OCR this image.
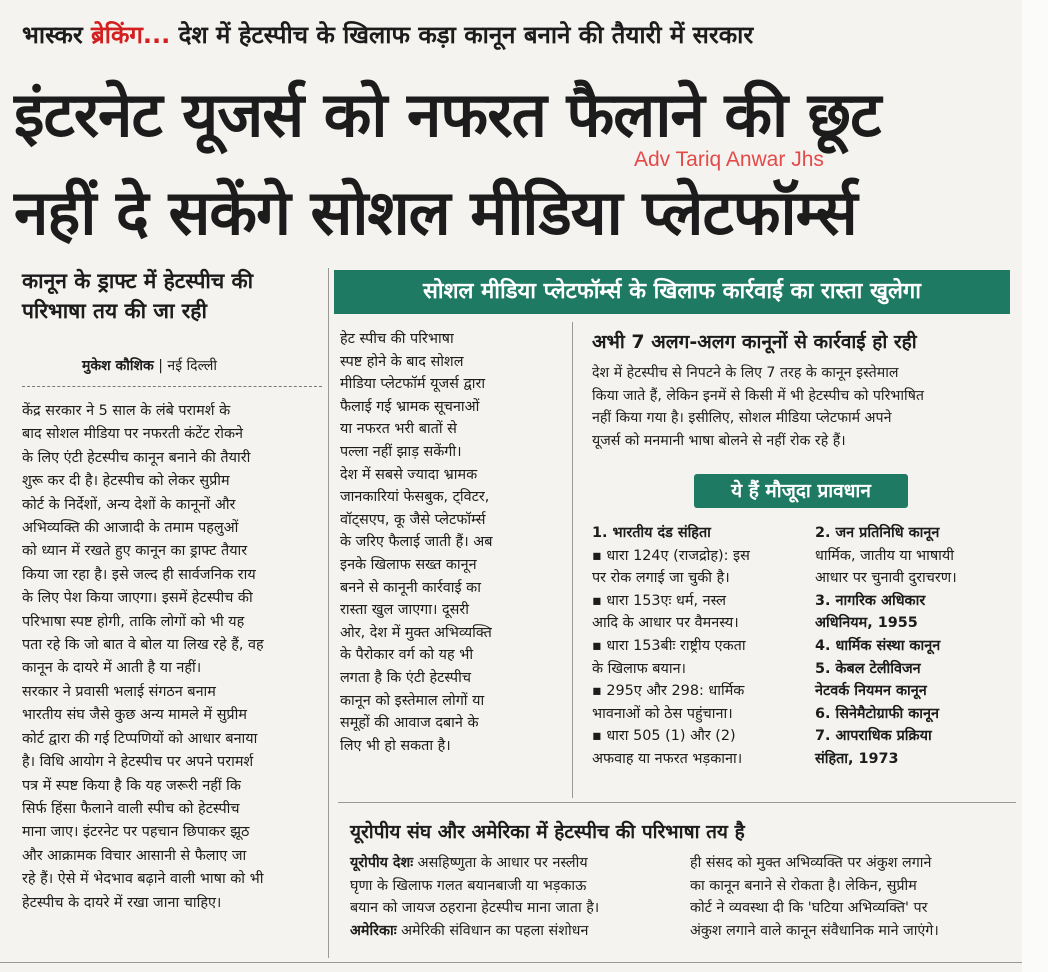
भास्कर ब्रेकिंग... देश में हेटस्पीच के खिलाफ कड़ा कानून बनाने की तैयारी में सरकार
इंटरनेट यूजर्स को नफरत फैलाने की छूट
नहीं दे सकेंगे सोशल मीडिया प्लेटफॉर्म्स
Adv Tariq Anwar Jhs
कानून के ड्राफ्ट में हेटस्पीच की परिभाषा तय की जा रही
मुकेश कौशिक | नई दिल्ली
केंद्र सरकार ने 5 साल के लंबे परामर्श के
बाद सोशल मीडिया पर नफरती कंटेंट रोकने
के लिए एंटी हेटस्पीच कानून बनाने की तैयारी
शुरू कर दी है। हेटस्पीच को लेकर सुप्रीम
कोर्ट के निर्देशों, अन्य देशों के कानूनों और
अभिव्यक्ति की आजादी के तमाम पहलुओं
को ध्यान में रखते हुए कानून का ड्राफ्ट तैयार
किया जा रहा है। इसे जल्द ही सार्वजनिक राय
के लिए पेश किया जाएगा। इसमें हेटस्पीच की
परिभाषा स्पष्ट होगी, ताकि लोगों को भी यह
पता रहे कि जो बात वे बोल या लिख रहे हैं, वह
कानून के दायरे में आती है या नहीं।
सरकार ने प्रवासी भलाई संगठन बनाम
भारतीय संघ जैसे कुछ अन्य मामले में सुप्रीम
कोर्ट द्वारा की गई टिप्पणियों को आधार बनाया
है। विधि आयोग ने हेटस्पीच पर अपने परामर्श
पत्र में स्पष्ट किया है कि यह जरूरी नहीं कि
सिर्फ हिंसा फैलाने वाली स्पीच को हेटस्पीच
माना जाए। इंटरनेट पर पहचान छिपाकर झूठ
और आक्रामक विचार आसानी से फैलाए जा
रहे हैं। ऐसे में भेदभाव बढ़ाने वाली भाषा को भी
हेटस्पीच के दायरे में रखा जाना चाहिए।
सोशल मीडिया प्लेटफॉर्म्स के खिलाफ कार्रवाई का रास्ता खुलेगा
हेट स्पीच की परिभाषा
स्पष्ट होने के बाद सोशल
मीडिया प्लेटफॉर्म यूजर्स द्वारा
फैलाई गई भ्रामक सूचनाओं
या नफरत भरी बातों से
पल्ला नहीं झाड़ सकेंगी।
देश में सबसे ज्यादा भ्रामक
जानकारियां फेसबुक, ट्विटर,
वॉट्सएप, कू जैसे प्लेटफॉर्म्स
के जरिए फैलाई जाती हैं। अब
इनके खिलाफ सख्त कानून
बनने से कानूनी कार्रवाई का
रास्ता खुल जाएगा। दूसरी
ओर, देश में मुक्त अभिव्यक्ति
के पैरोकार वर्ग को यह भी
लगता है कि एंटी हेटस्पीच
कानून को इस्तेमाल लोगों या
समूहों की आवाज दबाने के
लिए भी हो सकता है।
अभी 7 अलग-अलग कानूनों से कार्रवाई हो रही
देश में हेटस्पीच से निपटने के लिए 7 तरह के कानून इस्तेमाल
किया जाते हैं, लेकिन इनमें से किसी में भी हेटस्पीच को परिभाषित
नहीं किया गया है। इसीलिए, सोशल मीडिया प्लेटफार्म अपने
यूजर्स को मनमानी भाषा बोलने से नहीं रोक रहे हैं।
ये हैं मौजूदा प्रावधान
1. भारतीय दंड संहिता
▪ धारा 124ए (राजद्रोह): इस
पर रोक लगाई जा चुकी है।
▪ धारा 153एः धर्म, नस्ल
आदि के आधार पर वैमनस्य।
▪ धारा 153बीः राष्ट्रीय एकता
के खिलाफ बयान।
▪ 295ए और 298: धार्मिक
भावनाओं को ठेस पहुंचाना।
▪ धारा 505 (1) और (2)
अफवाह या नफरत भड़काना।
2. जन प्रतिनिधि कानून
धार्मिक, जातीय या भाषायी
आधार पर चुनावी दुराचरण।
3. नागरिक अधिकार
अधिनियम, 1955
4. धार्मिक संस्था कानून
5. केबल टेलीविजन
नेटवर्क नियमन कानून
6. सिनेमैटोग्राफी कानून
7. आपराधिक प्रक्रिया
संहिता, 1973
यूरोपीय संघ और अमेरिका में हेटस्पीच की परिभाषा तय है
यूरोपीय देशः असहिष्णुता के आधार पर नस्लीय
घृणा के खिलाफ गलत बयानबाजी या भड़काऊ
बयान को जायज ठहराना हेटस्पीच माना जाता है।
अमेरिकाः अमेरिकी संविधान का पहला संशोधन
ही संसद को मुक्त अभिव्यक्ति पर अंकुश लगाने
का कानून बनाने से रोकता है। लेकिन, सुप्रीम
कोर्ट ने व्यवस्था दी कि 'घटिया अभिव्यक्ति' पर
अंकुश लगाने वाले कानून संवैधानिक माने जाएंगे।
